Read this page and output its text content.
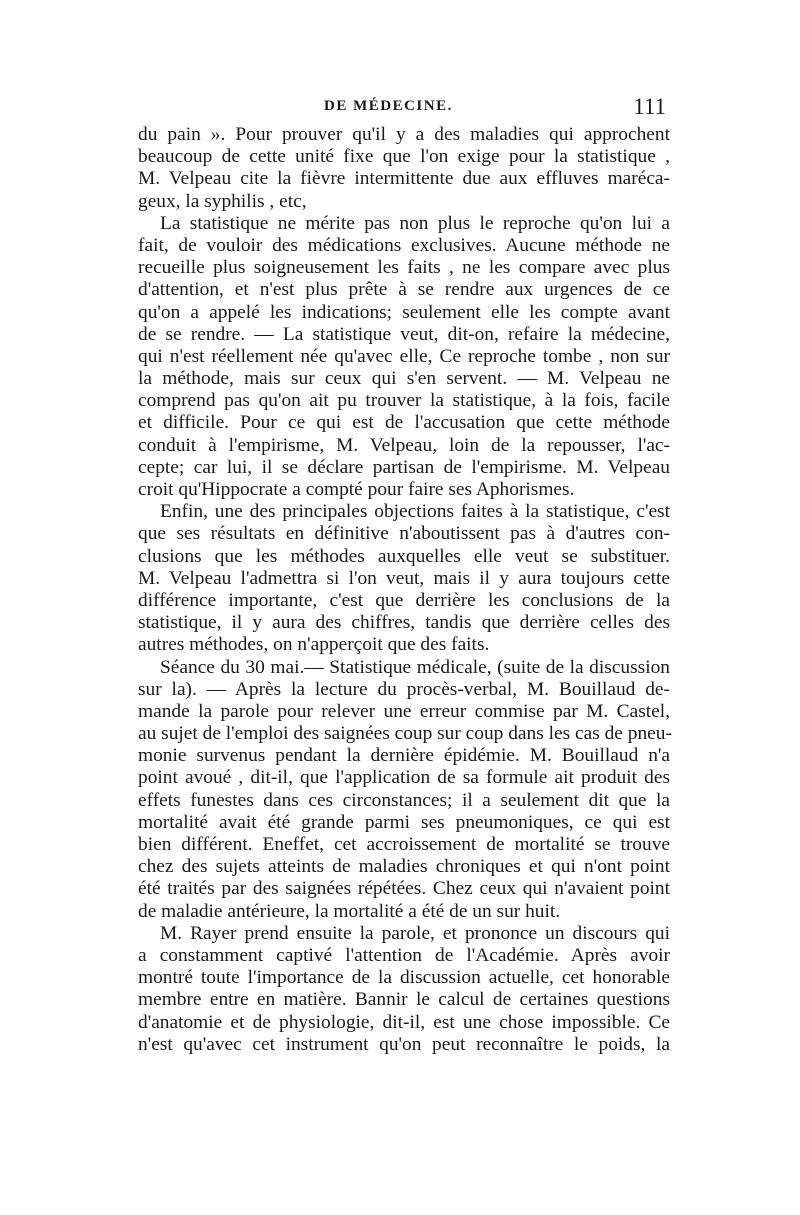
DE MÉDECINE.	111

du pain ». Pour prouver qu'il y a des maladies qui approchent

beaucoup de cette unité fixe que l'on exige pour la statistique ,

M. Velpeau cite la fièvre intermittente due aux effluves maréca-

geux, la syphilis , etc,

La statistique ne mérite pas non plus le reproche qu'on lui a

fait, de vouloir des médications exclusives. Aucune méthode ne

recueille plus soigneusement les faits , ne les compare avec plus

d'attention, et n'est plus prête à se rendre aux urgences de ce

qu'on a appelé les indications; seulement elle les compte avant

de se rendre. — La statistique veut, dit-on, refaire la médecine,

qui n'est réellement née qu'avec elle, Ce reproche tombe , non sur

la méthode, mais sur ceux qui s'en servent. — M. Velpeau ne

comprend pas qu'on ait pu trouver la statistique, à la fois, facile

et difficile. Pour ce qui est de l'accusation que cette méthode

conduit à l'empirisme, M. Velpeau, loin de la repousser, l'ac-

cepte; car lui, il se déclare partisan de l'empirisme. M. Velpeau

croit qu'Hippocrate a compté pour faire ses Aphorismes.

Enfin, une des principales objections faites à la statistique, c'est

que ses résultats en définitive n'aboutissent pas à d'autres con-

clusions que les méthodes auxquelles elle veut se substituer.

M. Velpeau l'admettra si l'on veut, mais il y aura toujours cette

différence importante, c'est que derrière les conclusions de la

statistique, il y aura des chiffres, tandis que derrière celles des

autres méthodes, on n'apperçoit que des faits.

Séance du 30 mai.— Statistique médicale, (suite de la discussion

sur la). — Après la lecture du procès-verbal, M. Bouillaud de-

mande la parole pour relever une erreur commise par M. Castel,

au sujet de l'emploi des saignées coup sur coup dans les cas de pneu-

monie survenus pendant la dernière épidémie. M. Bouillaud n'a

point avoué , dit-il, que l'application de sa formule ait produit des

effets funestes dans ces circonstances; il a seulement dit que la

mortalité avait été grande parmi ses pneumoniques, ce qui est

bien différent. Eneffet, cet accroissement de mortalité se trouve

chez des sujets atteints de maladies chroniques et qui n'ont point

été traités par des saignées répétées. Chez ceux qui n'avaient point

de maladie antérieure, la mortalité a été de un sur huit.

M. Rayer prend ensuite la parole, et prononce un discours qui

a constamment captivé l'attention de l'Académie. Après avoir

montré toute l'importance de la discussion actuelle, cet honorable

membre entre en matière. Bannir le calcul de certaines questions

d'anatomie et de physiologie, dit-il, est une chose impossible. Ce

n'est qu'avec cet instrument qu'on peut reconnaître le poids, la
